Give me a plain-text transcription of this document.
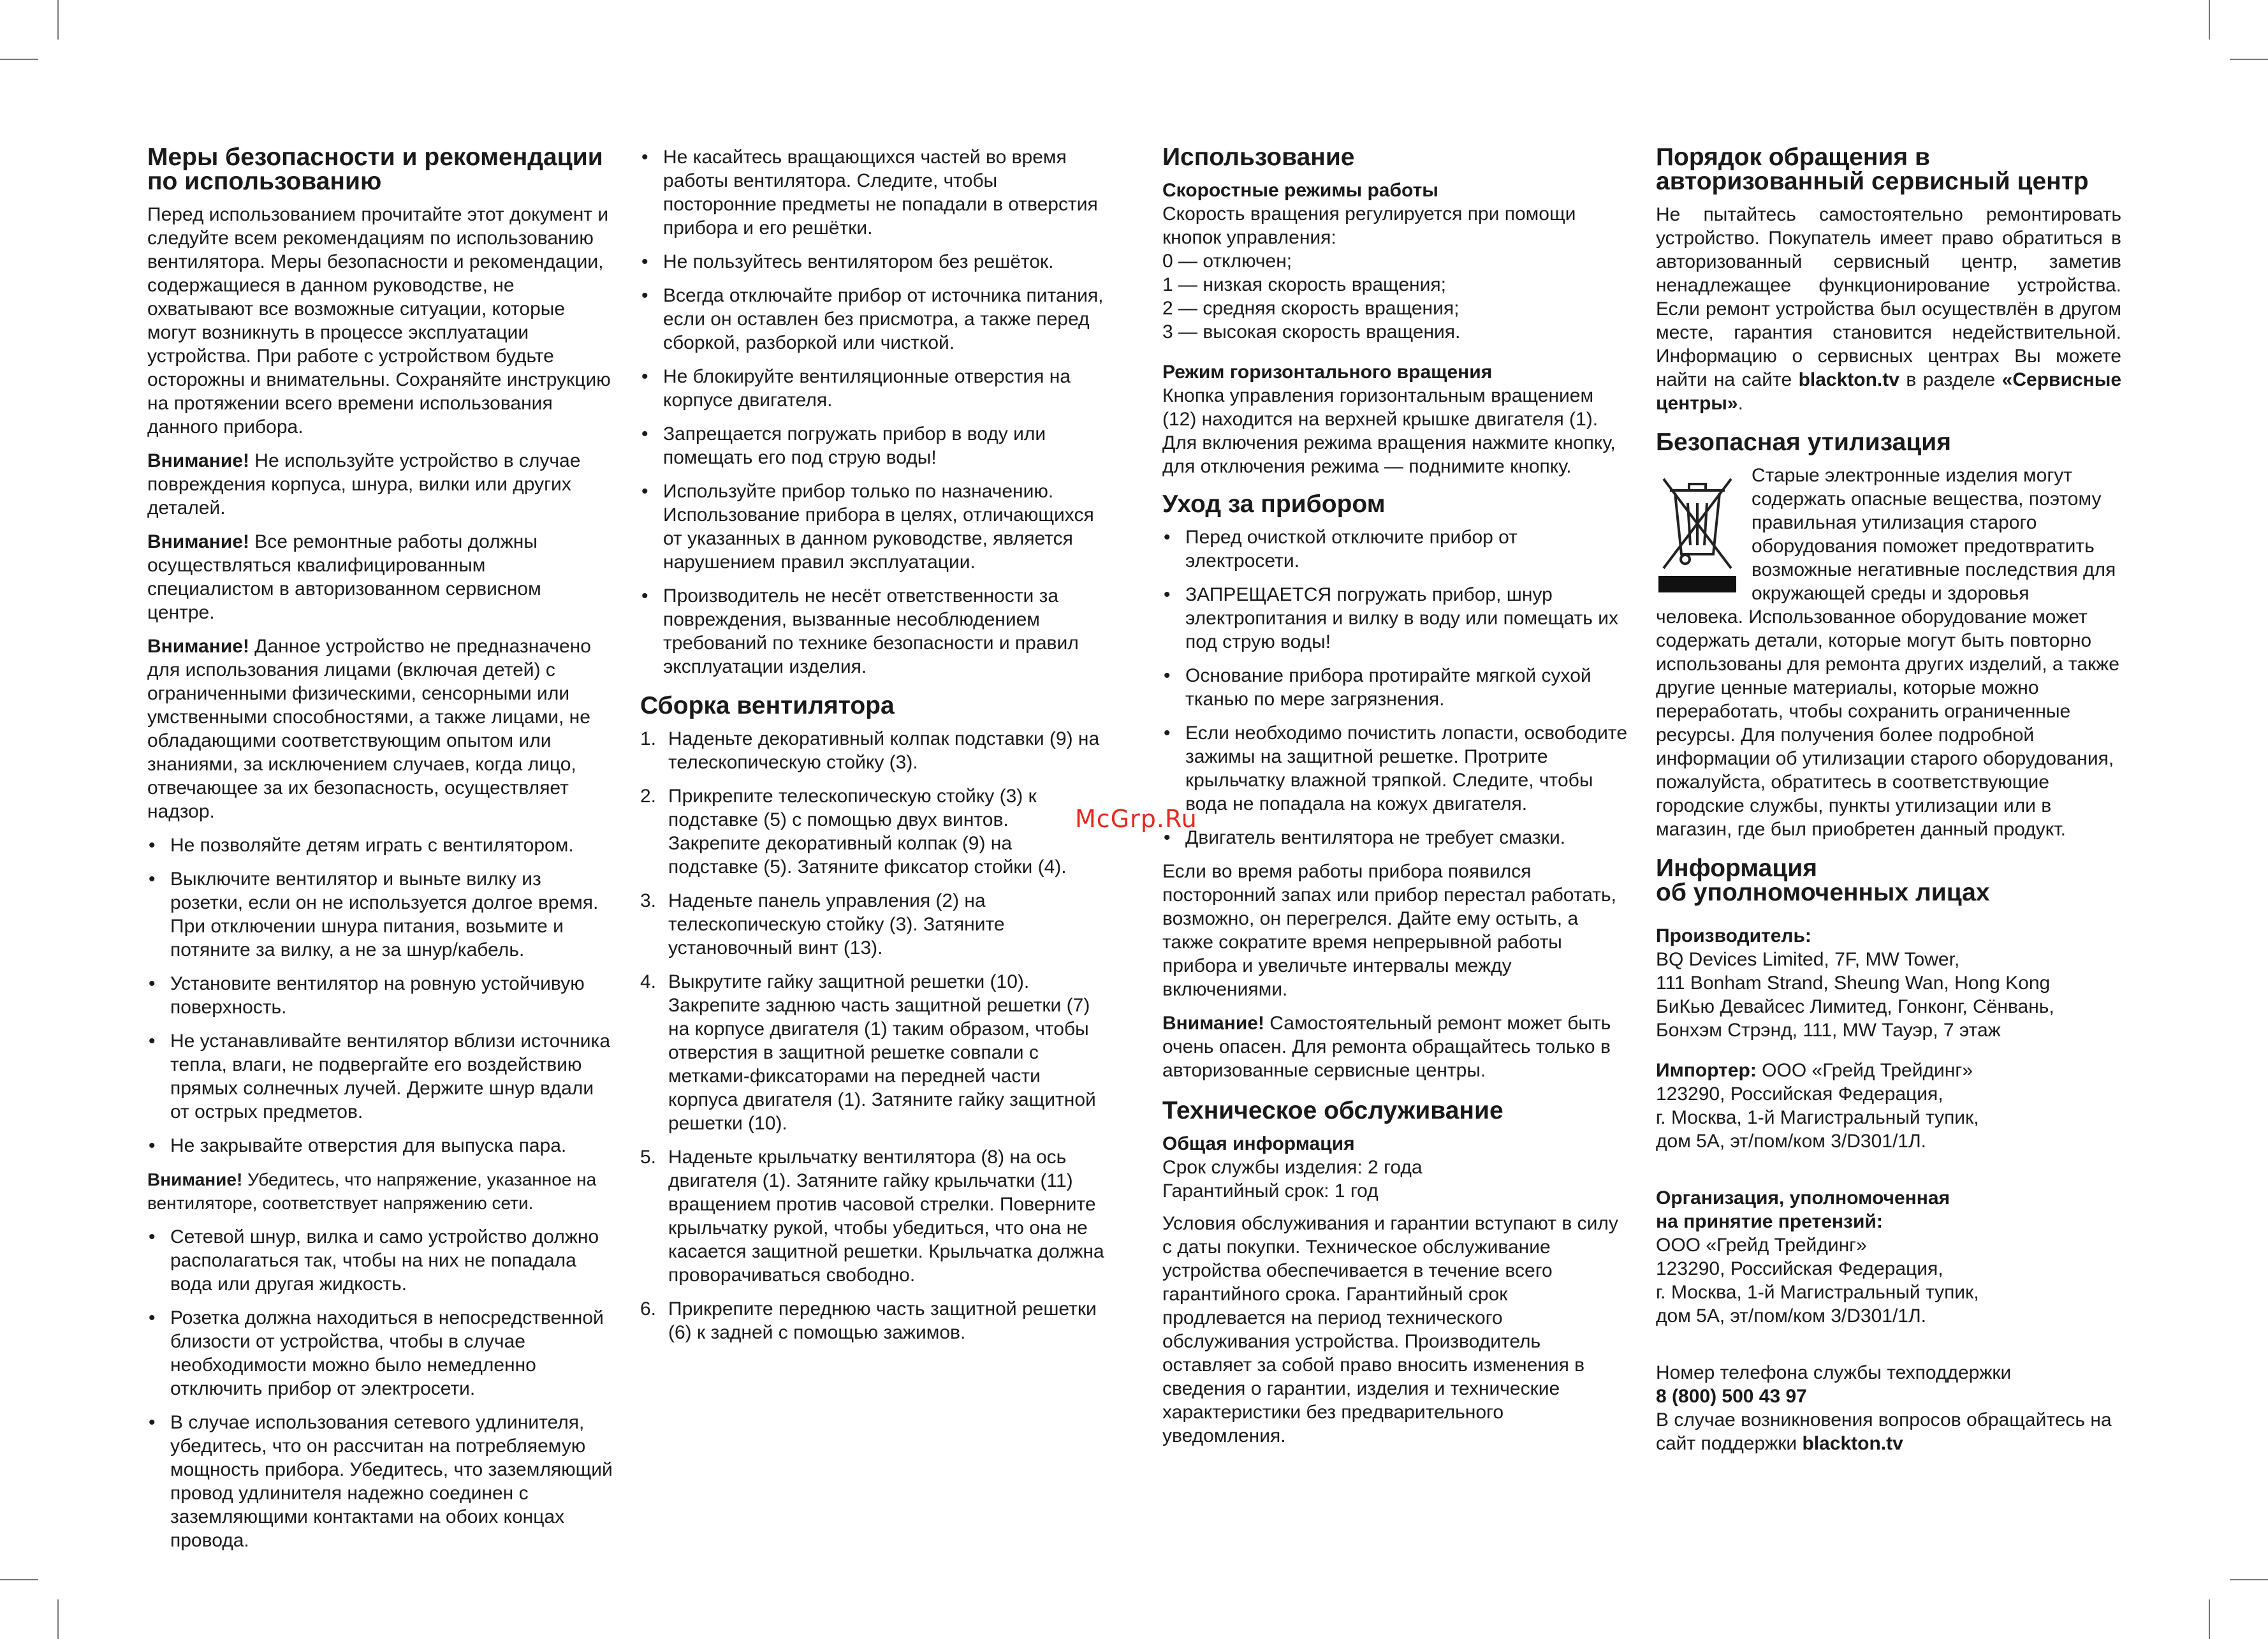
McGrp.Ru
Меры безопасности и рекомендации по использованию

Перед использованием прочитайте этот документ и следуйте всем рекомендациям по использованию вентилятора. Меры безопасности и рекомендации, содержащиеся в данном руководстве, не охватывают все возможные ситуации, которые могут возникнуть в процессе эксплуатации устройства. При работе с устройством будьте осторожны и внимательны. Сохраняйте инструкцию на протяжении всего времени использования данного прибора.

Внимание! Не используйте устройство в случае повреждения корпуса, шнура, вилки или других деталей.

Внимание! Все ремонтные работы должны осуществляться квалифицированным специалистом в авторизованном сервисном центре.

Внимание! Данное устройство не предназначено для использования лицами (включая детей) с ограниченными физическими, сенсорными или умственными способностями, а также лицами, не обладающими соответствующим опытом или знаниями, за исключением случаев, когда лицо, отвечающее за их безопасность, осуществляет надзор.

• Не позволяйте детям играть с вентилятором.
• Выключите вентилятор и выньте вилку из розетки, если он не используется долгое время. При отключении шнура питания, возьмите и потяните за вилку, а не за шнур/кабель.
• Установите вентилятор на ровную устойчивую поверхность.
• Не устанавливайте вентилятор вблизи источника тепла, влаги, не подвергайте его воздействию прямых солнечных лучей. Держите шнур вдали от острых предметов.
• Не закрывайте отверстия для выпуска пара.

Внимание! Убедитесь, что напряжение, указанное на вентиляторе, соответствует напряжению сети.

• Сетевой шнур, вилка и само устройство должно располагаться так, чтобы на них не попадала вода или другая жидкость.
• Розетка должна находиться в непосредственной близости от устройства, чтобы в случае необходимости можно было немедленно отключить прибор от электросети.
• В случае использования сетевого удлинителя, убедитесь, что он рассчитан на потребляемую мощность прибора. Убедитесь, что заземляющий провод удлинителя надежно соединен с заземляющими контактами на обоих концах провода.
• Не касайтесь вращающихся частей во время работы вентилятора. Следите, чтобы посторонние предметы не попадали в отверстия прибора и его решётки.
• Не пользуйтесь вентилятором без решёток.
• Всегда отключайте прибор от источника питания, если он оставлен без присмотра, а также перед сборкой, разборкой или чисткой.
• Не блокируйте вентиляционные отверстия на корпусе двигателя.
• Запрещается погружать прибор в воду или помещать его под струю воды!
• Используйте прибор только по назначению. Использование прибора в целях, отличающихся от указанных в данном руководстве, является нарушением правил эксплуатации.
• Производитель не несёт ответственности за повреждения, вызванные несоблюдением требований по технике безопасности и правил эксплуатации изделия.
Сборка вентилятора
1. Наденьте декоративный колпак подставки (9) на телескопическую стойку (3).
2. Прикрепите телескопическую стойку (3) к подставке (5) с помощью двух винтов. Закрепите декоративный колпак (9) на подставке (5). Затяните фиксатор стойки (4).
3. Наденьте панель управления (2) на телескопическую стойку (3). Затяните установочный винт (13).
4. Выкрутите гайку защитной решетки (10). Закрепите заднюю часть защитной решетки (7) на корпусе двигателя (1) таким образом, чтобы отверстия в защитной решетке совпали с метками-фиксаторами на передней части корпуса двигателя (1). Затяните гайку защитной решетки (10).
5. Наденьте крыльчатку вентилятора (8) на ось двигателя (1). Затяните гайку крыльчатки (11) вращением против часовой стрелки. Поверните крыльчатку рукой, чтобы убедиться, что она не касается защитной решетки. Крыльчатка должна проворачиваться свободно.
6. Прикрепите переднюю часть защитной решетки (6) к задней с помощью зажимов.
Использование
Скоростные режимы работы
Скорость вращения регулируется при помощи кнопок управления:
0 — отключен;
1 — низкая скорость вращения;
2 — средняя скорость вращения;
3 — высокая скорость вращения.
Режим горизонтального вращения

Кнопка управления горизонтальным вращением (12) находится на верхней крышке двигателя (1). Для включения режима вращения нажмите кнопку, для отключения режима — поднимите кнопку.

Уход за прибором
• Перед очисткой отключите прибор от электросети.
• ЗАПРЕЩАЕТСЯ погружать прибор, шнур электропитания и вилку в воду или помещать их под струю воды!
• Основание прибора протирайте мягкой сухой тканью по мере загрязнения.
• Если необходимо почистить лопасти, освободите зажимы на защитной решетке. Протрите крыльчатку влажной тряпкой. Следите, чтобы вода не попадала на кожух двигателя.
• Двигатель вентилятора не требует смазки.

Если во время работы прибора появился посторонний запах или прибор перестал работать, возможно, он перегрелся. Дайте ему остыть, а также сократите время непрерывной работы прибора и увеличьте интервалы между включениями.

Внимание! Самостоятельный ремонт может быть очень опасен. Для ремонта обращайтесь только в авторизованные сервисные центры.

Техническое обслуживание
Общая информация
Срок службы изделия: 2 года
Гарантийный срок: 1 год

Условия обслуживания и гарантии вступают в силу с даты покупки. Техническое обслуживание устройства обеспечивается в течение всего гарантийного срока. Гарантийный срок продлевается на период технического обслуживания устройства. Производитель оставляет за собой право вносить изменения в сведения о гарантии, изделия и технические характеристики без предварительного уведомления.

Порядок обращения в авторизованный сервисный центр

Не пытайтесь самостоятельно ремонтировать устройство. Покупатель имеет право обратиться в авторизованный сервисный центр, заметив ненадлежащее функционирование устройства. Если ремонт устройства был осуществлён в другом месте, гарантия становится недействительной. Информацию о сервисных центрах Вы можете найти на сайте blackton.tv в разделе «Сервисные центры».

Безопасная утилизация

Старые электронные изделия могут содержать опасные вещества, поэтому правильная утилизация старого оборудования поможет предотвратить возможные негативные последствия для окружающей среды и здоровья человека. Использованное оборудование может содержать детали, которые могут быть повторно использованы для ремонта других изделий, а также другие ценные материалы, которые можно переработать, чтобы сохранить ограниченные ресурсы. Для получения более подробной информации об утилизации старого оборудования, пожалуйста, обратитесь в соответствующие городские службы, пункты утилизации или в магазин, где был приобретен данный продукт.

Информация
об уполномоченных лицах
Производитель:
BQ Devices Limited, 7F, MW Tower,
111 Bonham Strand, Sheung Wan, Hong Kong
БиКью Девайсес Лимитед, Гонконг, Сёнвань,
Бонхэм Стрэнд, 111, MW Тауэр, 7 этаж
Импортер: ООО «Грейд Трейдинг»
123290, Российская Федерация,
г. Москва, 1-й Магистральный тупик,
дом 5А, эт/пом/ком 3/D301/1Л.
Организация, уполномоченная
на принятие претензий:
ООО «Грейд Трейдинг»
123290, Российская Федерация,
г. Москва, 1-й Магистральный тупик,
дом 5А, эт/пом/ком 3/D301/1Л.
Номер телефона службы техподдержки
8 (800) 500 43 97
В случае возникновения вопросов обращайтесь на сайт поддержки blackton.tv
